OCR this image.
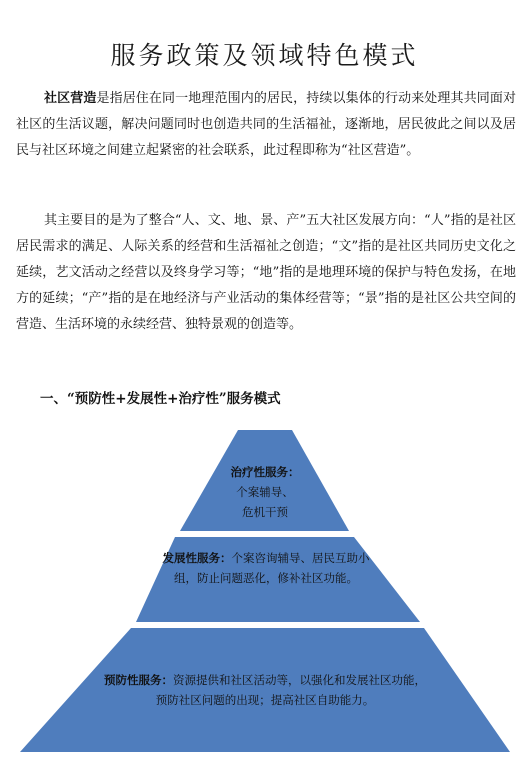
服务政策及领域特色模式

社区营造是指居住在同一地理范围内的居民，持续以集体的行动来处理其共同面对社区的生活议题，解决问题同时也创造共同的生活福祉，逐渐地，居民彼此之间以及居民与社区环境之间建立起紧密的社会联系，此过程即称为“社区营造”。

其主要目的是为了整合“人、文、地、景、产”五大社区发展方向：“人”指的是社区居民需求的满足、人际关系的经营和生活福祉之创造；“文”指的是社区共同历史文化之延续，艺文活动之经营以及终身学习等；“地”指的是地理环境的保护与特色发扬，在地方的延续；“产”指的是在地经济与产业活动的集体经营等；“景”指的是社区公共空间的营造、生活环境的永续经营、独特景观的创造等。

一、“预防性+发展性+治疗性”服务模式
治疗性服务：
个案辅导、
危机干预
发展性服务：个案咨询辅导、居民互助小组，防止问题恶化，修补社区功能。
预防性服务：资源提供和社区活动等，以强化和发展社区功能，预防社区问题的出现；提高社区自助能力。
